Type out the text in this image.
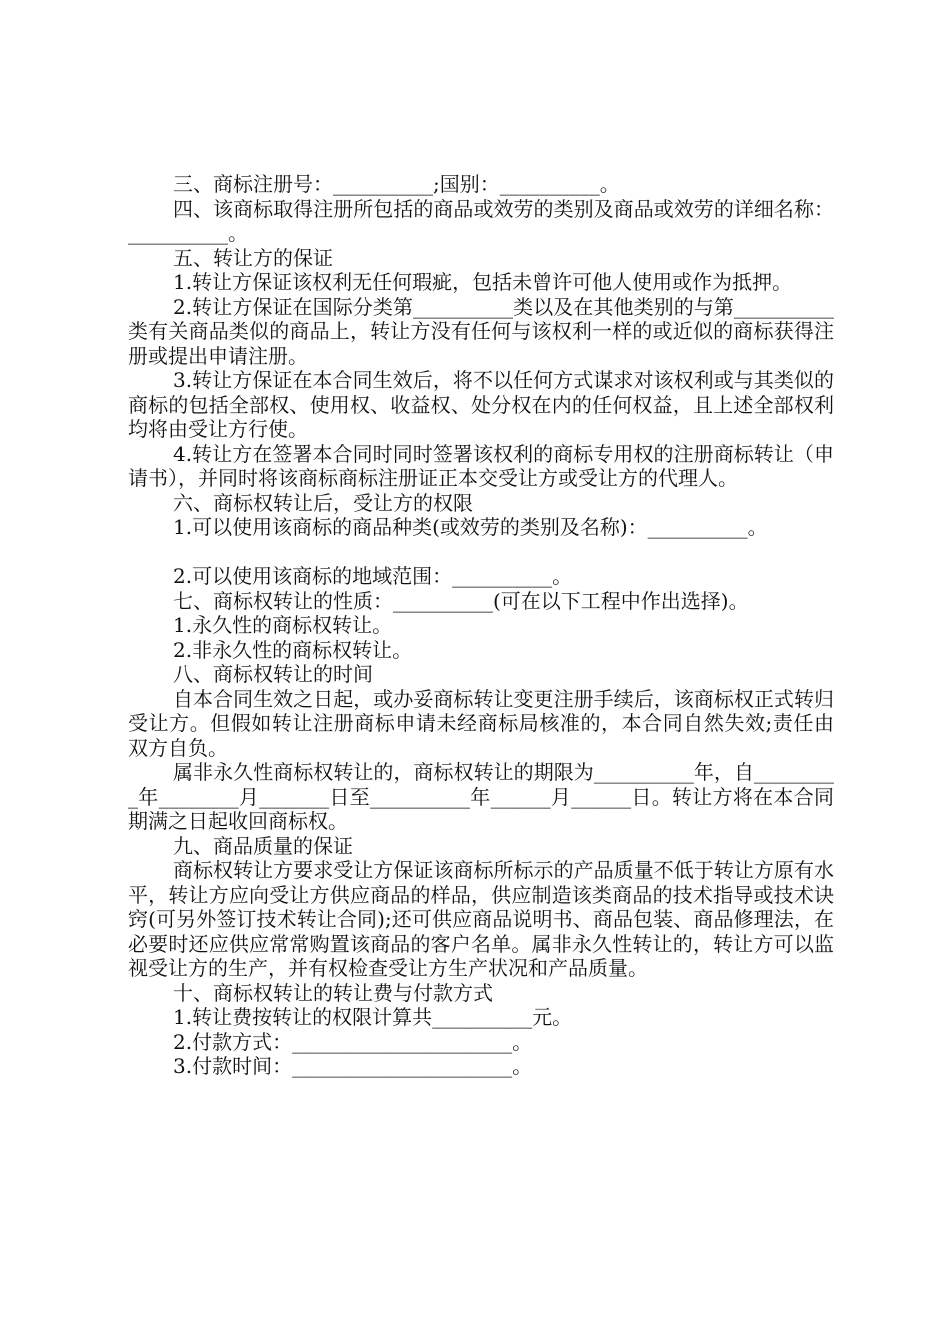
三、商标注册号：__________;国别：__________。

四、该商标取得注册所包括的商品或效劳的类别及商品或效劳的详细名称：__________。

五、转让方的保证

1.转让方保证该权利无任何瑕疵，包括未曾许可他人使用或作为抵押。

2.转让方保证在国际分类第__________类以及在其他类别的与第__________类有关商品类似的商品上，转让方没有任何与该权利一样的或近似的商标获得注册或提出申请注册。

3.转让方保证在本合同生效后，将不以任何方式谋求对该权利或与其类似的商标的包括全部权、使用权、收益权、处分权在内的任何权益，且上述全部权利均将由受让方行使。

4.转让方在签署本合同时同时签署该权利的商标专用权的注册商标转让（申请书），并同时将该商标商标注册证正本交受让方或受让方的代理人。

六、商标权转让后，受让方的权限

1.可以使用该商标的商品种类(或效劳的类别及名称)：__________。

2.可以使用该商标的地域范围：__________。

七、商标权转让的性质：__________(可在以下工程中作出选择)。

1.永久性的商标权转让。

2.非永久性的商标权转让。

八、商标权转让的时间

自本合同生效之日起，或办妥商标转让变更注册手续后，该商标权正式转归受让方。但假如转让注册商标申请未经商标局核准的，本合同自然失效;责任由双方自负。

属非永久性商标权转让的，商标权转让的期限为__________年，自_________年________月_______日至__________年______月______日。转让方将在本合同期满之日起收回商标权。

九、商品质量的保证

商标权转让方要求受让方保证该商标所标示的产品质量不低于转让方原有水平，转让方应向受让方供应商品的样品，供应制造该类商品的技术指导或技术诀窍(可另外签订技术转让合同);还可供应商品说明书、商品包装、商品修理法，在必要时还应供应常常购置该商品的客户名单。属非永久性转让的，转让方可以监视受让方的生产，并有权检查受让方生产状况和产品质量。

十、商标权转让的转让费与付款方式

1.转让费按转让的权限计算共__________元。

2.付款方式：______________________。

3.付款时间：______________________。
